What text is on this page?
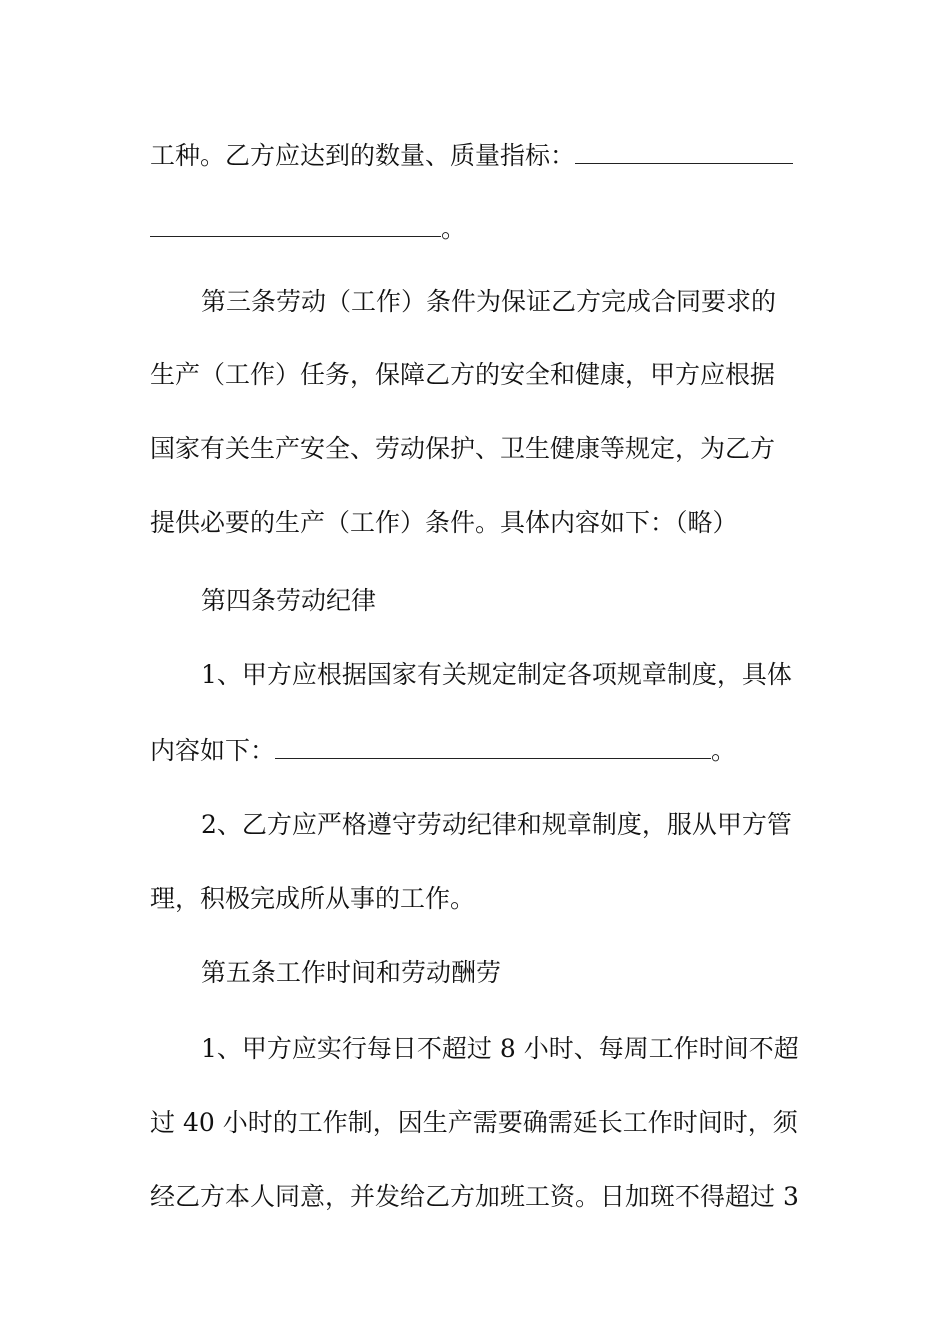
工种。乙方应达到的数量、质量指标：
。
第三条劳动（工作）条件为保证乙方完成合同要求的
生产（工作）任务，保障乙方的安全和健康，甲方应根据
国家有关生产安全、劳动保护、卫生健康等规定，为乙方
提供必要的生产（工作）条件。具体内容如下：（略）
第四条劳动纪律
1、甲方应根据国家有关规定制定各项规章制度，具体
内容如下：	。
2、乙方应严格遵守劳动纪律和规章制度，服从甲方管
理，积极完成所从事的工作。
第五条工作时间和劳动酬劳
1、甲方应实行每日不超过 8 小时、每周工作时间不超
过 40 小时的工作制，因生产需要确需延长工作时间时，须
经乙方本人同意，并发给乙方加班工资。日加斑不得超过 3
